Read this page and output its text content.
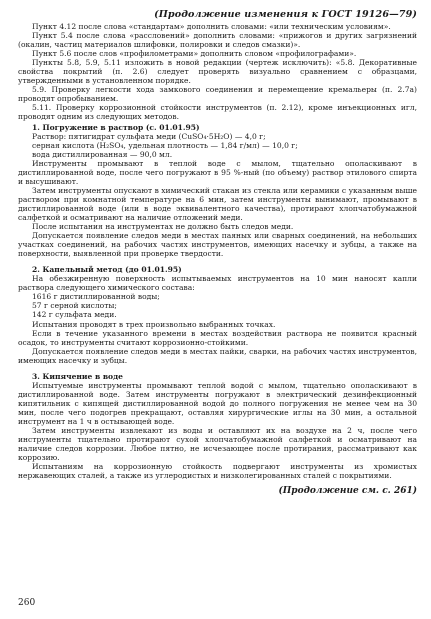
(Продолжение изменения к ГОСТ 19126—79)

Пункт 4.12 после слова «стандартам» дополнить словами: «или техническим условиям».

Пункт 5.4 после слова «рассловений» дополнить словами: «прижогов и других загрязнений (окалин, частиц материалов шлифовки, полировки и следов смазки)».

Пункт 5.6 после слов «профилометрами» дополнить словом «профилографами».

Пункты 5.8, 5.9, 5.11 изложить в новой редакции (чертеж исключить): «5.8. Декоративные свойства покрытий (п. 2.6) следует проверять визуально сравнением с образцами, утвержденными в установленном порядке.

5.9. Проверку легкости хода замкового соединения и перемещение кремальеры (п. 2.7а) проводят опробыванием.

5.11. Проверку коррозионной стойкости инструментов (п. 2.12), кроме инъекционных игл, проводят одним из следующих методов.

1. Погружение в раствор (с. 01.01.95)

Раствор: пятигидрат сульфата меди (CuSO₄·5H₂O) — 4,0 г;

серная кислота (H₂SO₄, удельная плотность — 1,84 г/мл) — 10,0 г;

вода дистиллированная — 90,0 мл.

Инструменты промывают в теплой воде с мылом, тщательно ополаскивают в дистиллированной воде, после чего погружают в 95 %-ный (по объему) раствор этилового спирта и высушивают.

Затем инструменты опускают в химический стакан из стекла или керамики с указанным выше раствором при комнатной температуре на 6 мин, затем инструменты вынимают, промывают в дистиллированной воде (или в воде эквивалентного качества), протирают хлопчатобумажной салфеткой и осматривают на наличие отложений меди.

После испытания на инструментах не должно быть следов меди.

Допускается появление следов меди в местах паяных или сварных соединений, на небольших участках соединений, на рабочих частях инструментов, имеющих насечку и зубцы, а также на поверхности, выявленной при проверке твердости.

2. Капельный метод (до 01.01.95)

На обезжиренную поверхность испытываемых инструментов на 10 мин наносят капли раствора следующего химического состава:

1616 г дистиллированной воды;

57 г серной кислоты;

142 г сульфата меди.

Испытания проводят в трех произвольно выбранных точках.

Если в течение указанного времени в местах воздействия раствора не появится красный осадок, то инструменты считают коррозионно-стойкими.

Допускается появление следов меди в местах пайки, сварки, на рабочих частях инструментов, имеющих насечку и зубцы.

3. Кипячение в воде

Испытуемые инструменты промывают теплой водой с мылом, тщательно ополаскивают в дистиллированной воде. Затем инструменты погружают в электрический дезинфекционный кипятильник с кипящей дистиллированной водой до полного погружения не менее чем на 30 мин, после чего подогрев прекращают, оставляя хирургические иглы на 30 мин, а остальной инструмент на 1 ч в остывающей воде.

Затем инструменты извлекают из воды и оставляют их на воздухе на 2 ч, после чего инструменты тщательно протирают сухой хлопчатобумажной салфеткой и осматривают на наличие следов коррозии. Любое пятно, не исчезающее после протирания, рассматривают как коррозию.

Испытаниям на коррозионную стойкость подвергают инструменты из хромистых нержавеющих сталей, а также из углеродистых и низколегированных сталей с покрытиями.

(Продолжение см. с. 261)
260
